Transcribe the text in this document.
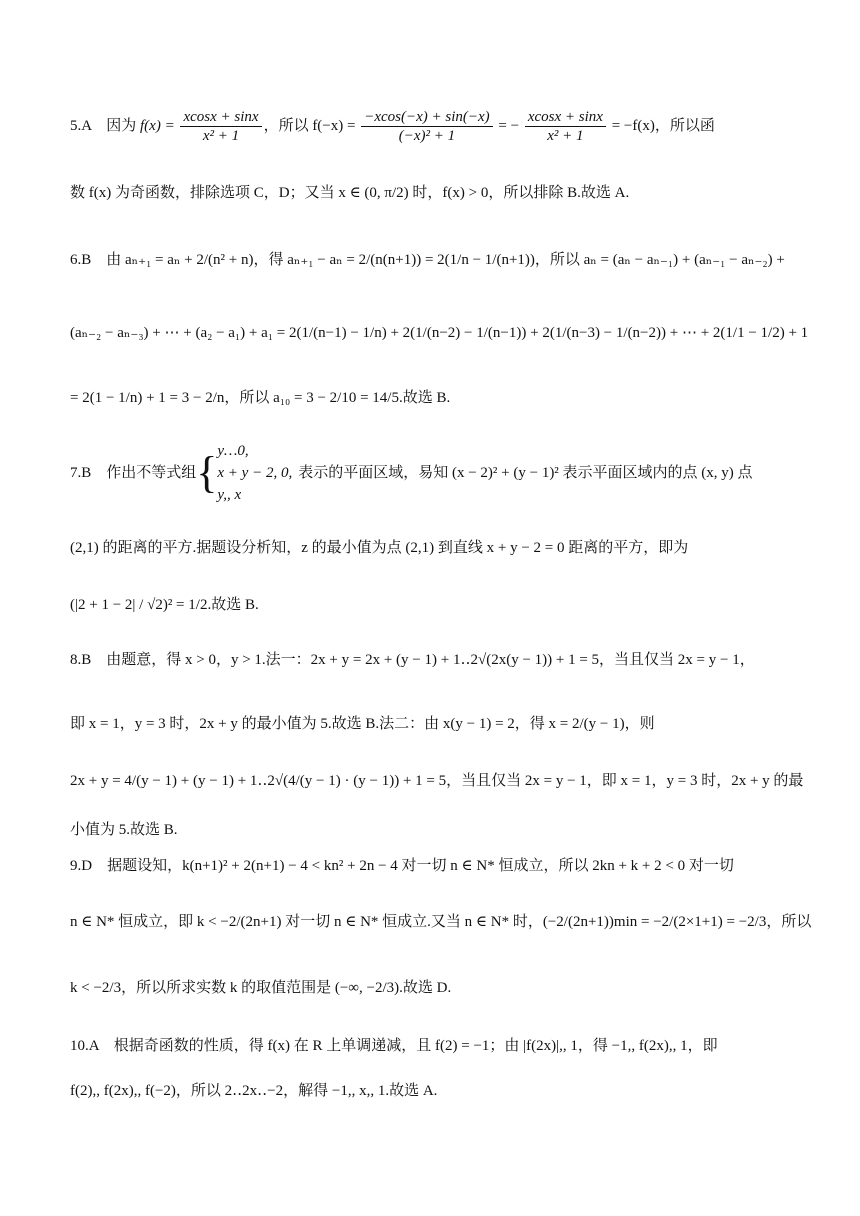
5.A　因为 $f(x) = \frac{xcosx + \sin x}{\text{x² + 1}}$ ，所以 $f(-x) = \frac{-xcos(-x) + \sin(-x)}{\text{(−x)² + 1}}$ = − $\frac{xcosx + \sin x}{\text{x² + 1}} = -f(x)$，所以函
数 f(x) 为奇函数，排除选项 C，D；又当 x ∈ (0, π/2) 时，f(x) > 0，所以排除 B.故选 A.
6.B　由 aₙ₊₁ = aₙ + 2/(n² + n)，得 aₙ₊₁ − aₙ = 2/(n(n+1)) = 2(1/n − 1/(n+1))，所以 aₙ = (aₙ − aₙ₋₁) + (aₙ₋₁ − aₙ₋₂) +
(aₙ₋₂ − aₙ₋₃) + ⋯ + (a₂ − a₁) + a₁ = 2(1/(n−1) − 1/n) + 2(1/(n−2) − 1/(n−1)) + 2(1/(n−3) − 1/(n−2)) + ⋯ + 2(1/1 − 1/2) + 1
= 2(1 − 1/n) + 1 = 3 − 2/n，所以 a₁₀ = 3 − 2/10 = 14/5.故选 B.
7.B　作出不等式组{ y…0,
x + y − 2, 0,
y,, x
表示的平面区域，易知 (x − 2)² + (y − 1)² 表示平面区域内的点 (x, y) 点
(2,1) 的距离的平方.据题设分析知，z 的最小值为点 (2,1) 到直线 x + y − 2 = 0 距离的平方，即为
(|2 + 1 − 2| / √2)² = 1/2.故选 B.
8.B　由题意，得 x > 0，y > 1.法一：2x + y = 2x + (y − 1) + 1‥2√(2x(y − 1)) + 1 = 5，当且仅当 2x = y − 1，
即 x = 1，y = 3 时，2x + y 的最小值为 5.故选 B.法二：由 x(y − 1) = 2，得 x = 2/(y − 1)，则
2x + y = 4/(y − 1) + (y − 1) + 1‥2√(4/(y − 1) · (y − 1)) + 1 = 5，当且仅当 2x = y − 1，即 x = 1，y = 3 时，2x + y 的最
小值为 5.故选 B.
9.D　据题设知，k(n+1)² + 2(n+1) − 4 < kn² + 2n − 4 对一切 n ∈ N* 恒成立，所以 2kn + k + 2 < 0 对一切
n ∈ N* 恒成立，即 k < −2/(2n+1) 对一切 n ∈ N* 恒成立.又当 n ∈ N* 时，(−2/(2n+1))min = −2/(2×1+1) = −2/3，所以
k < −2/3，所以所求实数 k 的取值范围是 (−∞, −2/3).故选 D.
10.A　根据奇函数的性质，得 f(x) 在 R 上单调递减，且 f(2) = −1；由 |f(2x)|,, 1，得 −1,, f(2x),, 1，即
f(2),, f(2x),, f(−2)，所以 2‥2x‥−2，解得 −1,, x,, 1.故选 A.
